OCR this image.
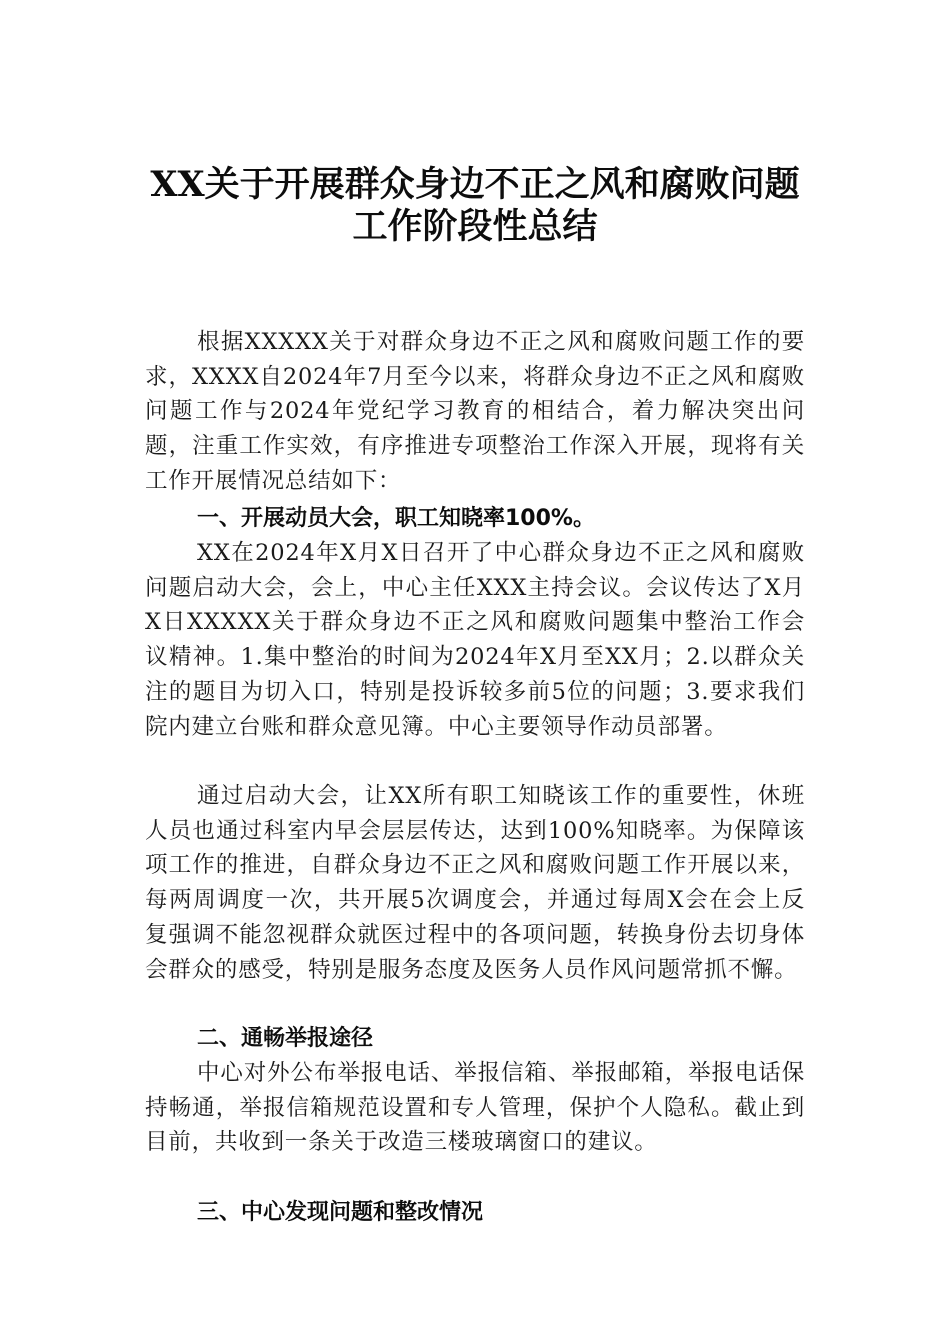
XX关于开展群众身边不正之风和腐败问题
工作阶段性总结
根据XXXXX关于对群众身边不正之风和腐败问题工作的要求，XXXX自2024年7月至今以来，将群众身边不正之风和腐败问题工作与2024年党纪学习教育的相结合，着力解决突出问题，注重工作实效，有序推进专项整治工作深入开展，现将有关工作开展情况总结如下：
一、开展动员大会，职工知晓率100%。
XX在2024年X月X日召开了中心群众身边不正之风和腐败问题启动大会，会上，中心主任XXX主持会议。会议传达了X月X日XXXXX关于群众身边不正之风和腐败问题集中整治工作会议精神。1.集中整治的时间为2024年X月至XX月；2.以群众关注的题目为切入口，特别是投诉较多前5位的问题；3.要求我们院内建立台账和群众意见簿。中心主要领导作动员部署。
通过启动大会，让XX所有职工知晓该工作的重要性，休班人员也通过科室内早会层层传达，达到100%知晓率。为保障该项工作的推进，自群众身边不正之风和腐败问题工作开展以来，每两周调度一次，共开展5次调度会，并通过每周X会在会上反复强调不能忽视群众就医过程中的各项问题，转换身份去切身体会群众的感受，特别是服务态度及医务人员作风问题常抓不懈。
二、通畅举报途径
中心对外公布举报电话、举报信箱、举报邮箱，举报电话保持畅通，举报信箱规范设置和专人管理，保护个人隐私。截止到目前，共收到一条关于改造三楼玻璃窗口的建议。
三、中心发现问题和整改情况
